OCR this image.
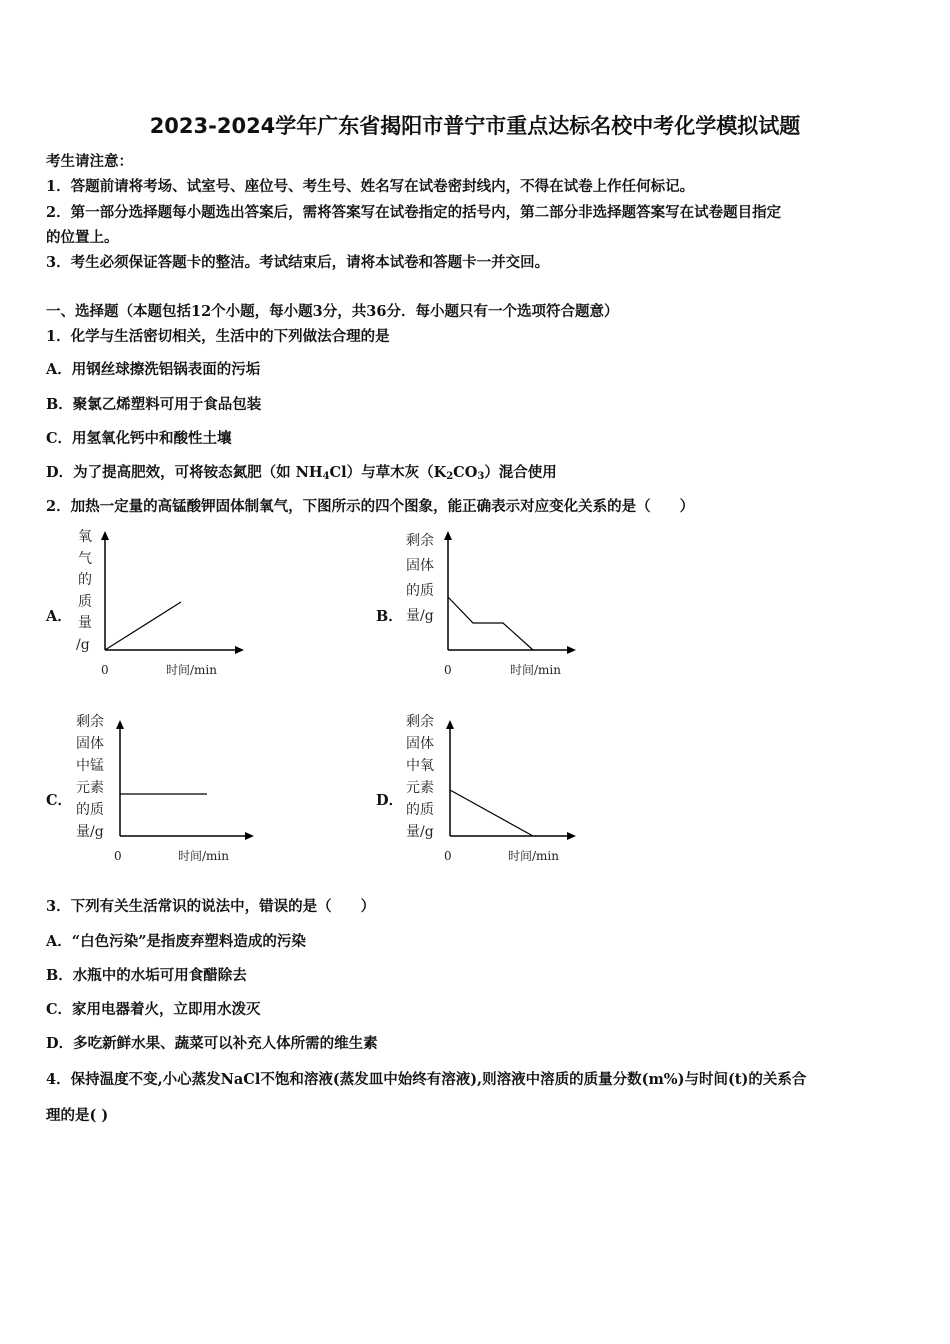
2023-2024学年广东省揭阳市普宁市重点达标名校中考化学模拟试题
考生请注意：
1．答题前请将考场、试室号、座位号、考生号、姓名写在试卷密封线内，不得在试卷上作任何标记。
2．第一部分选择题每小题选出答案后，需将答案写在试卷指定的括号内，第二部分非选择题答案写在试卷题目指定
的位置上。
3．考生必须保证答题卡的整洁。考试结束后，请将本试卷和答题卡一并交回。
一、选择题（本题包括12个小题，每小题3分，共36分．每小题只有一个选项符合题意）
1．化学与生活密切相关，生活中的下列做法合理的是
A．用钢丝球擦洗铝锅表面的污垢
B．聚氯乙烯塑料可用于食品包装
C．用氢氧化钙中和酸性土壤
D．为了提高肥效，可将铵态氮肥（如 $NH_4Cl$）与草木灰$(K_2CO_3)$混合使用
2．加热一定量的高锰酸钾固体制氧气，下图所示的四个图象，能正确表示对应变化关系的是（　　）
A．
氧
气
的
质
量
/g
0	时间/min
B．
剩余
固体
的质
量/g
0	时间/min
C．
剩余
固体
中锰
元素
的质
量/g
0	时间/min
D．
剩余
固体
中氧
元素
的质
量/g
0	时间/min
3．下列有关生活常识的说法中，错误的是（　　）
A．“白色污染”是指废弃塑料造成的污染
B．水瓶中的水垢可用食醋除去
C．家用电器着火，立即用水泼灭
D．多吃新鲜水果、蔬菜可以补充人体所需的维生素
4．保持温度不变,小心蒸发NaCl不饱和溶液(蒸发皿中始终有溶液),则溶液中溶质的质量分数(m%)与时间(t)的关系合
理的是( )
